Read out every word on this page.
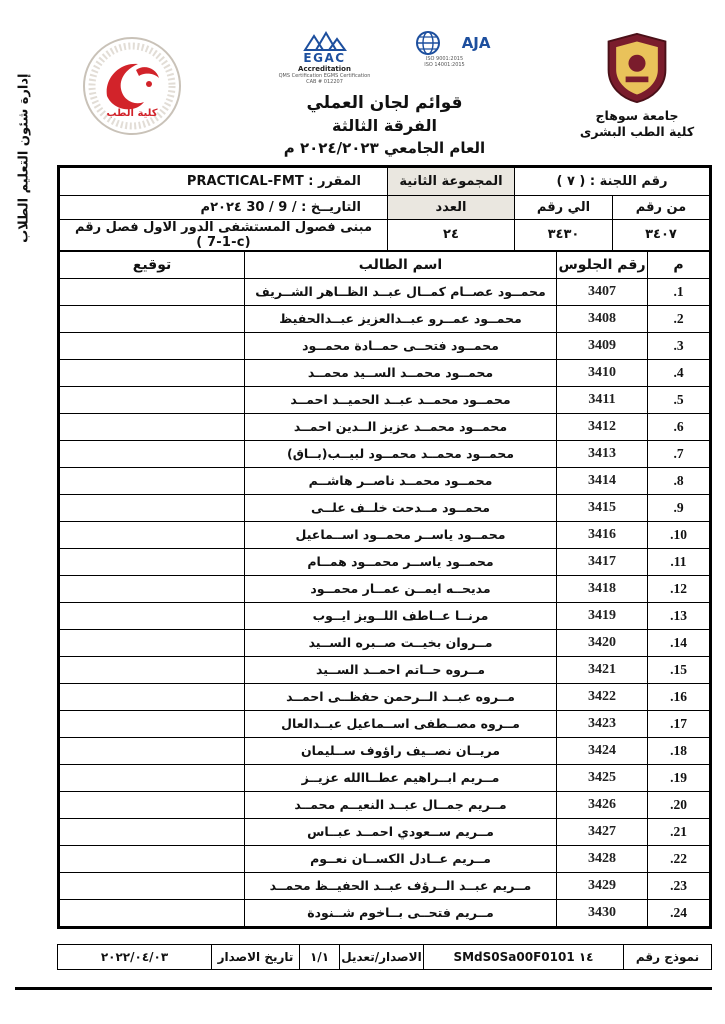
إدارة شئون التعليم الطلاب	جامعة سوهاج
كلية الطب البشرى
EGAC
Accreditation
QMS Certification EGMS Certification
CAB # 012207
AJA
ISO 9001:2015
ISO 14001:2015
قوائم لجان العملي
الفرقة الثالثة
العام الجامعي ٢٠٢٤/٢٠٢٣ م
كلية الطب
رقم اللجنة : ( ٧ )		المجموعة الثانية	المقرر : PRACTICAL-FMT
من رقم	الي رقم	العدد	التاريــخ : 30 / 9 / ٢٠٢٤م
٣٤٠٧	٣٤٣٠	٢٤	مبنى فصول المستشفى الدور الاول فصل رقم ( 7-1-c)
م	رقم الجلوس	اسم الطالب	توقيع
1.	3407	محمــود عصــام كمــال عبــد الظــاهر الشــريف	
2.	3408	محمــود عمــرو عبــدالعزيز عبــدالحفيظ	
3.	3409	محمــود فتحــى حمــادة محمــود	
4.	3410	محمــود محمــد الســيد محمــد	
5.	3411	محمــود محمــد عبــد الحميــد احمــد	
6.	3412	محمــود محمــد عزيز الــدين احمــد	
7.	3413	محمــود محمــد محمــود لبيــب(بــاق)	
8.	3414	محمــود محمــد ناصــر هاشــم	
9.	3415	محمــود مــدحت خلــف علــى	
10.	3416	محمــود ياســر محمــود اســماعيل	
11.	3417	محمــود ياســر محمــود همــام	
12.	3418	مديحــه ايمــن عمــار محمــود	
13.	3419	مرنــا عــاطف اللــويز ايــوب	
14.	3420	مــروان بخيــت صــبره الســيد	
15.	3421	مــروه حــاتم احمــد الســيد	
16.	3422	مــروه عبــد الــرحمن حفظــى احمــد	
17.	3423	مــروه مصــطفى اســماعيل عبــدالعال	
18.	3424	مريــان نصــيف راؤوف ســليمان	
19.	3425	مــريم ابــراهيم عطــاالله عزيــز	
20.	3426	مــريم جمــال عبــد النعيــم محمــد	
21.	3427	مــريم ســعودي احمــد عبــاس	
22.	3428	مــريم عــادل الكســان نعــوم	
23.	3429	مــريم عبــد الــرؤف عبــد الحفيــظ محمــد	
24.	3430	مــريم فتحــى بــاخوم شــنودة	
نموذج رقم	١٤ SMdS0Sa00F0101	الاصدار/تعديل	١/١	تاريخ الاصدار	٢٠٢٢/٠٤/٠٣
